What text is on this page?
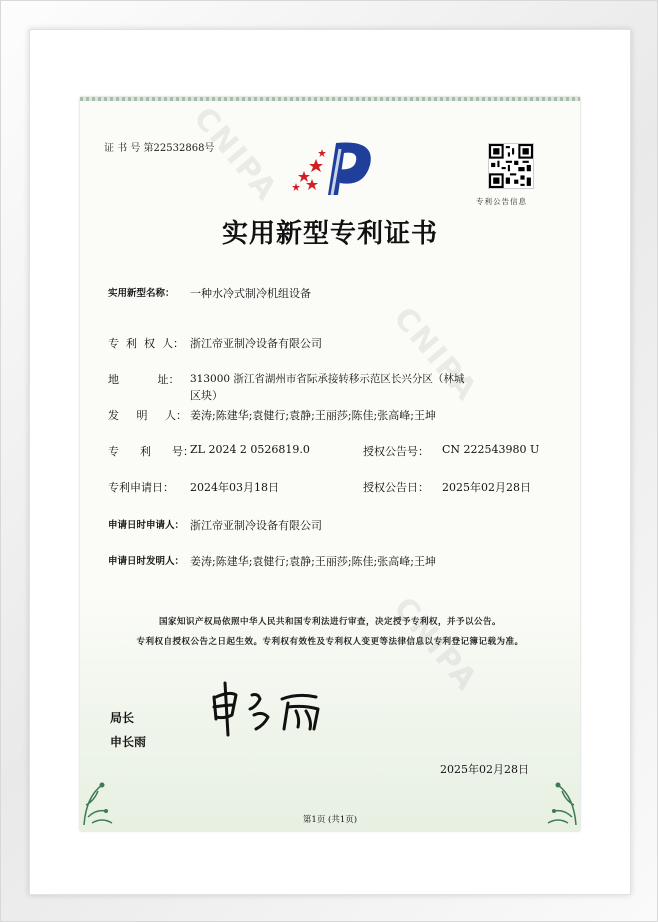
CNIPA
CNIPA
CNIPA
证 书 号 第22532868号
专利公告信息
实用新型专利证书
实用新型名称： 一种水冷式制冷机组设备
专  利  权  人： 浙江帝亚制冷设备有限公司
地           址： 313000 浙江省湖州市省际承接转移示范区长兴分区（林城
区块）
发     明     人： 姜涛;陈建华;袁健行;袁静;王丽莎;陈佳;张高峰;王坤
专      利      号：
ZL 2024 2 0526819.0	授权公告号： CN 222543980 U
专利申请日： 2024年03月18日	授权公告日： 2025年02月28日
申请日时申请人： 浙江帝亚制冷设备有限公司
申请日时发明人： 姜涛;陈建华;袁健行;袁静;王丽莎;陈佳;张高峰;王坤
国家知识产权局依照中华人民共和国专利法进行审查，决定授予专利权，并予以公告。
专利权自授权公告之日起生效。专利权有效性及专利权人变更等法律信息以专利登记簿记载为准。
局长
申长雨
2025年02月28日
第1页 (共1页)
